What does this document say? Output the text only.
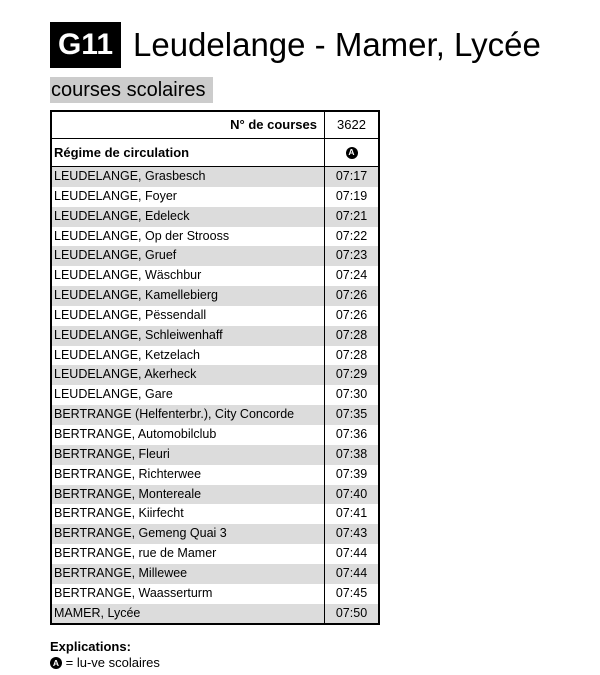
G11 Leudelange - Mamer, Lycée
courses scolaires
N° de courses	3622
Régime de circulation	A
LEUDELANGE, Grasbesch	07:17
LEUDELANGE, Foyer	07:19
LEUDELANGE, Edeleck	07:21
LEUDELANGE, Op der Strooss	07:22
LEUDELANGE, Gruef	07:23
LEUDELANGE, Wäschbur	07:24
LEUDELANGE, Kamellebierg	07:26
LEUDELANGE, Pëssendall	07:26
LEUDELANGE, Schleiwenhaff	07:28
LEUDELANGE, Ketzelach	07:28
LEUDELANGE, Akerheck	07:29
LEUDELANGE, Gare	07:30
BERTRANGE (Helfenterbr.), City Concorde	07:35
BERTRANGE, Automobilclub	07:36
BERTRANGE, Fleuri	07:38
BERTRANGE, Richterwee	07:39
BERTRANGE, Montereale	07:40
BERTRANGE, Kiirfecht	07:41
BERTRANGE, Gemeng Quai 3	07:43
BERTRANGE, rue de Mamer	07:44
BERTRANGE, Millewee	07:44
BERTRANGE, Waasserturm	07:45
MAMER, Lycée	07:50
Explications:
A = lu-ve scolaires
